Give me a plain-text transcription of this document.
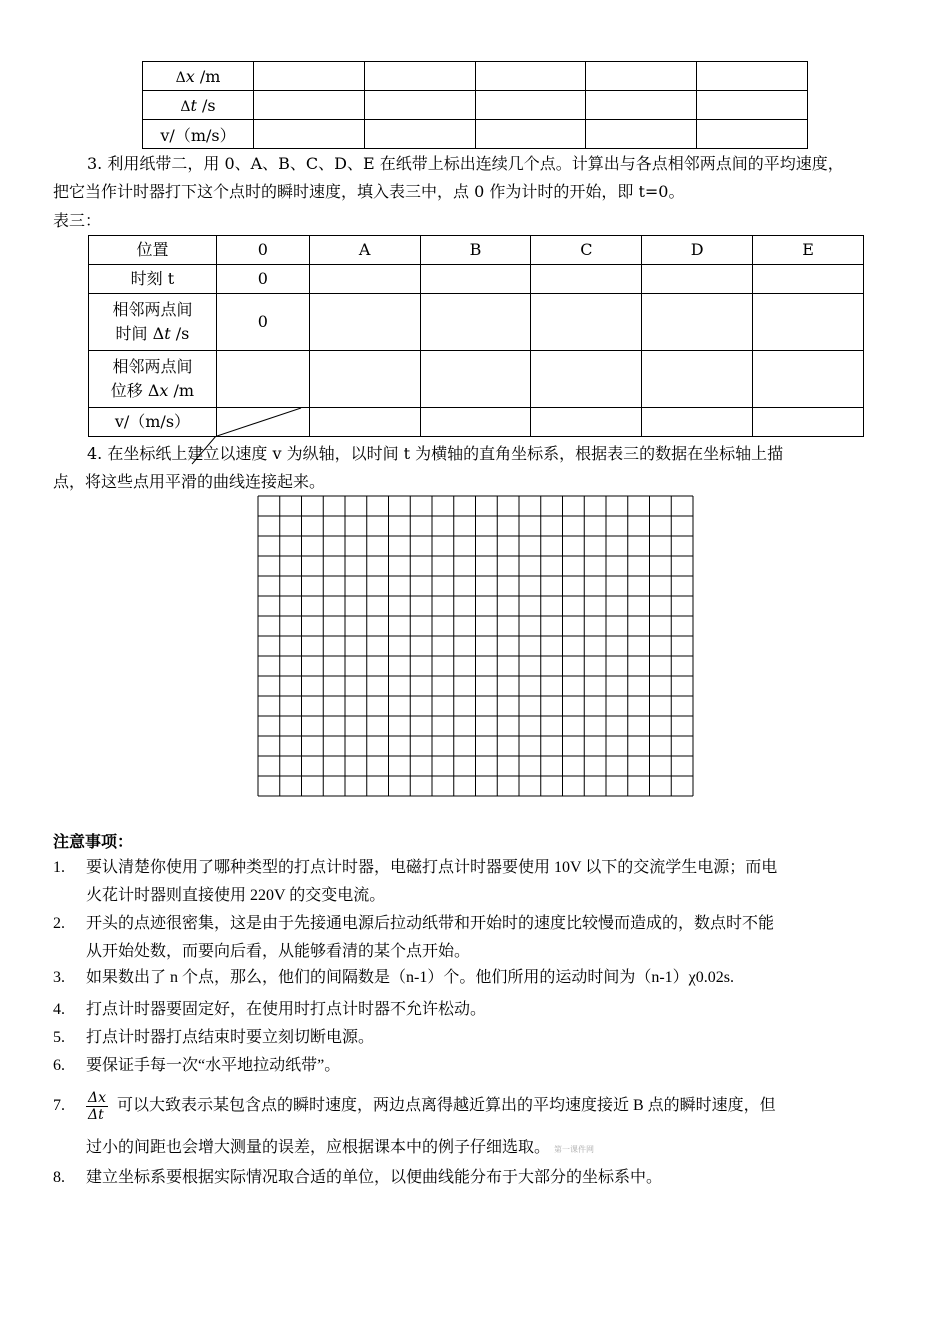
Δx /m					
Δt /s					
v/（m/s）					
3. 利用纸带二，用 0、A、B、C、D、E 在纸带上标出连续几个点。计算出与各点相邻两点间的平均速度，
把它当作计时器打下这个点时的瞬时速度，填入表三中，点 0 作为计时的开始，即 t=0。
表三：
位置	0	A	B	C	D	E
时刻 t	0					

相邻两点间
时间 Δt /s	0					

相邻两点间
位移 Δx /m						

v/（m/s）	

4. 在坐标纸上建立以速度 v 为纵轴，以时间 t 为横轴的直角坐标系，根据表三的数据在坐标轴上描
点，将这些点用平滑的曲线连接起来。
注意事项：
1. 要认清楚你使用了哪种类型的打点计时器，电磁打点计时器要使用 10V 以下的交流学生电源；而电
火花计时器则直接使用 220V 的交变电流。
2. 开头的点迹很密集，这是由于先接通电源后拉动纸带和开始时的速度比较慢而造成的，数点时不能
从开始处数，而要向后看，从能够看清的某个点开始。
3. 如果数出了 n 个点，那么，他们的间隔数是（n-1）个。他们所用的运动时间为（n-1）χ0.02s.
4. 打点计时器要固定好，在使用时打点计时器不允许松动。
5. 打点计时器打点结束时要立刻切断电源。
6. 要保证手每一次“水平地拉动纸带”。
7.	可以大致表示某包含点的瞬时速度，两边点离得越近算出的平均速度接近 B 点的瞬时速度，但
过小的间距也会增大测量的误差，应根据课本中的例子仔细选取。 第一课件网
8. 建立坐标系要根据实际情况取合适的单位，以便曲线能分布于大部分的坐标系中。
$\frac{\Delta x}{\Delta t}$
